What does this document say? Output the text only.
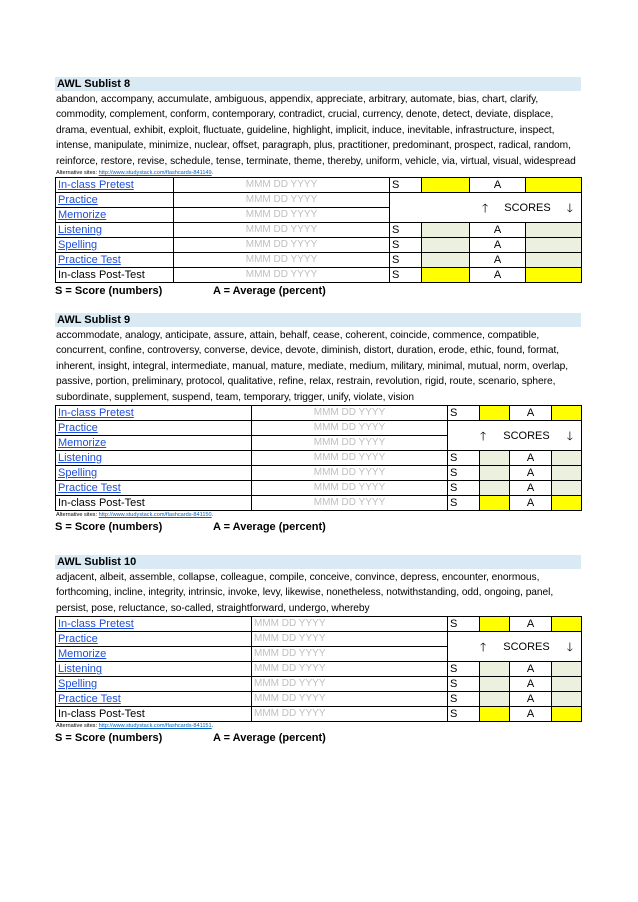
AWL Sublist 8
abandon, accompany, accumulate, ambiguous, appendix, appreciate, arbitrary, automate, bias, chart, clarify, commodity, complement, conform, contemporary, contradict, crucial, currency, denote, detect, deviate, displace, drama, eventual, exhibit, exploit, fluctuate, guideline, highlight, implicit, induce, inevitable, infrastructure, inspect, intense, manipulate, minimize, nuclear, offset, paragraph, plus, practitioner, predominant, prospect, radical, random, reinforce, restore, revise, schedule, tense, terminate, theme, thereby, uniform, vehicle, via, virtual, visual, widespread
Alternative sites: http://www.studystack.com/flashcards-841149.
In-class Pretest	MMM DD YYYY	S		A	
Practice	MMM DD YYYY	🡑 SCORES 🡓			

Memorize	MMM DD YYYY				
Listening	MMM DD YYYY	S		A	
Spelling	MMM DD YYYY	S		A	
Practice Test	MMM DD YYYY	S		A	
In-class Post-Test	MMM DD YYYY	S		A	
S = Score (numbers)	A = Average (percent)
AWL Sublist 9
accommodate, analogy, anticipate, assure, attain, behalf, cease, coherent, coincide, commence, compatible, concurrent, confine, controversy, converse, device, devote, diminish, distort, duration, erode, ethic, found, format, inherent, insight, integral, intermediate, manual, mature, mediate, medium, military, minimal, mutual, norm, overlap, passive, portion, preliminary, protocol, qualitative, refine, relax, restrain, revolution, rigid, route, scenario, sphere, subordinate, supplement, suspend, team, temporary, trigger, unify, violate, vision
In-class Pretest	MMM DD YYYY	S		A	
Practice	MMM DD YYYY	🡑 SCORES 🡓			

Memorize	MMM DD YYYY				
Listening	MMM DD YYYY	S		A	
Spelling	MMM DD YYYY	S		A	
Practice Test	MMM DD YYYY	S		A	
In-class Post-Test	MMM DD YYYY	S		A	
Alternative sites: http://www.studystack.com/flashcards-841150.
S = Score (numbers)	A = Average (percent)
AWL Sublist 10
adjacent, albeit, assemble, collapse, colleague, compile, conceive, convince, depress, encounter, enormous, forthcoming, incline, integrity, intrinsic, invoke, levy, likewise, nonetheless, notwithstanding, odd, ongoing, panel, persist, pose, reluctance, so-called, straightforward, undergo, whereby
In-class Pretest	MMM DD YYYY	S		A	
Practice	MMM DD YYYY	🡑 SCORES 🡓			

Memorize	MMM DD YYYY				
Listening	MMM DD YYYY	S		A	
Spelling	MMM DD YYYY	S		A	
Practice Test	MMM DD YYYY	S		A	
In-class Post-Test	MMM DD YYYY	S		A	
Alternative sites: http://www.studystack.com/flashcards-841151.
S = Score (numbers)	A = Average (percent)
